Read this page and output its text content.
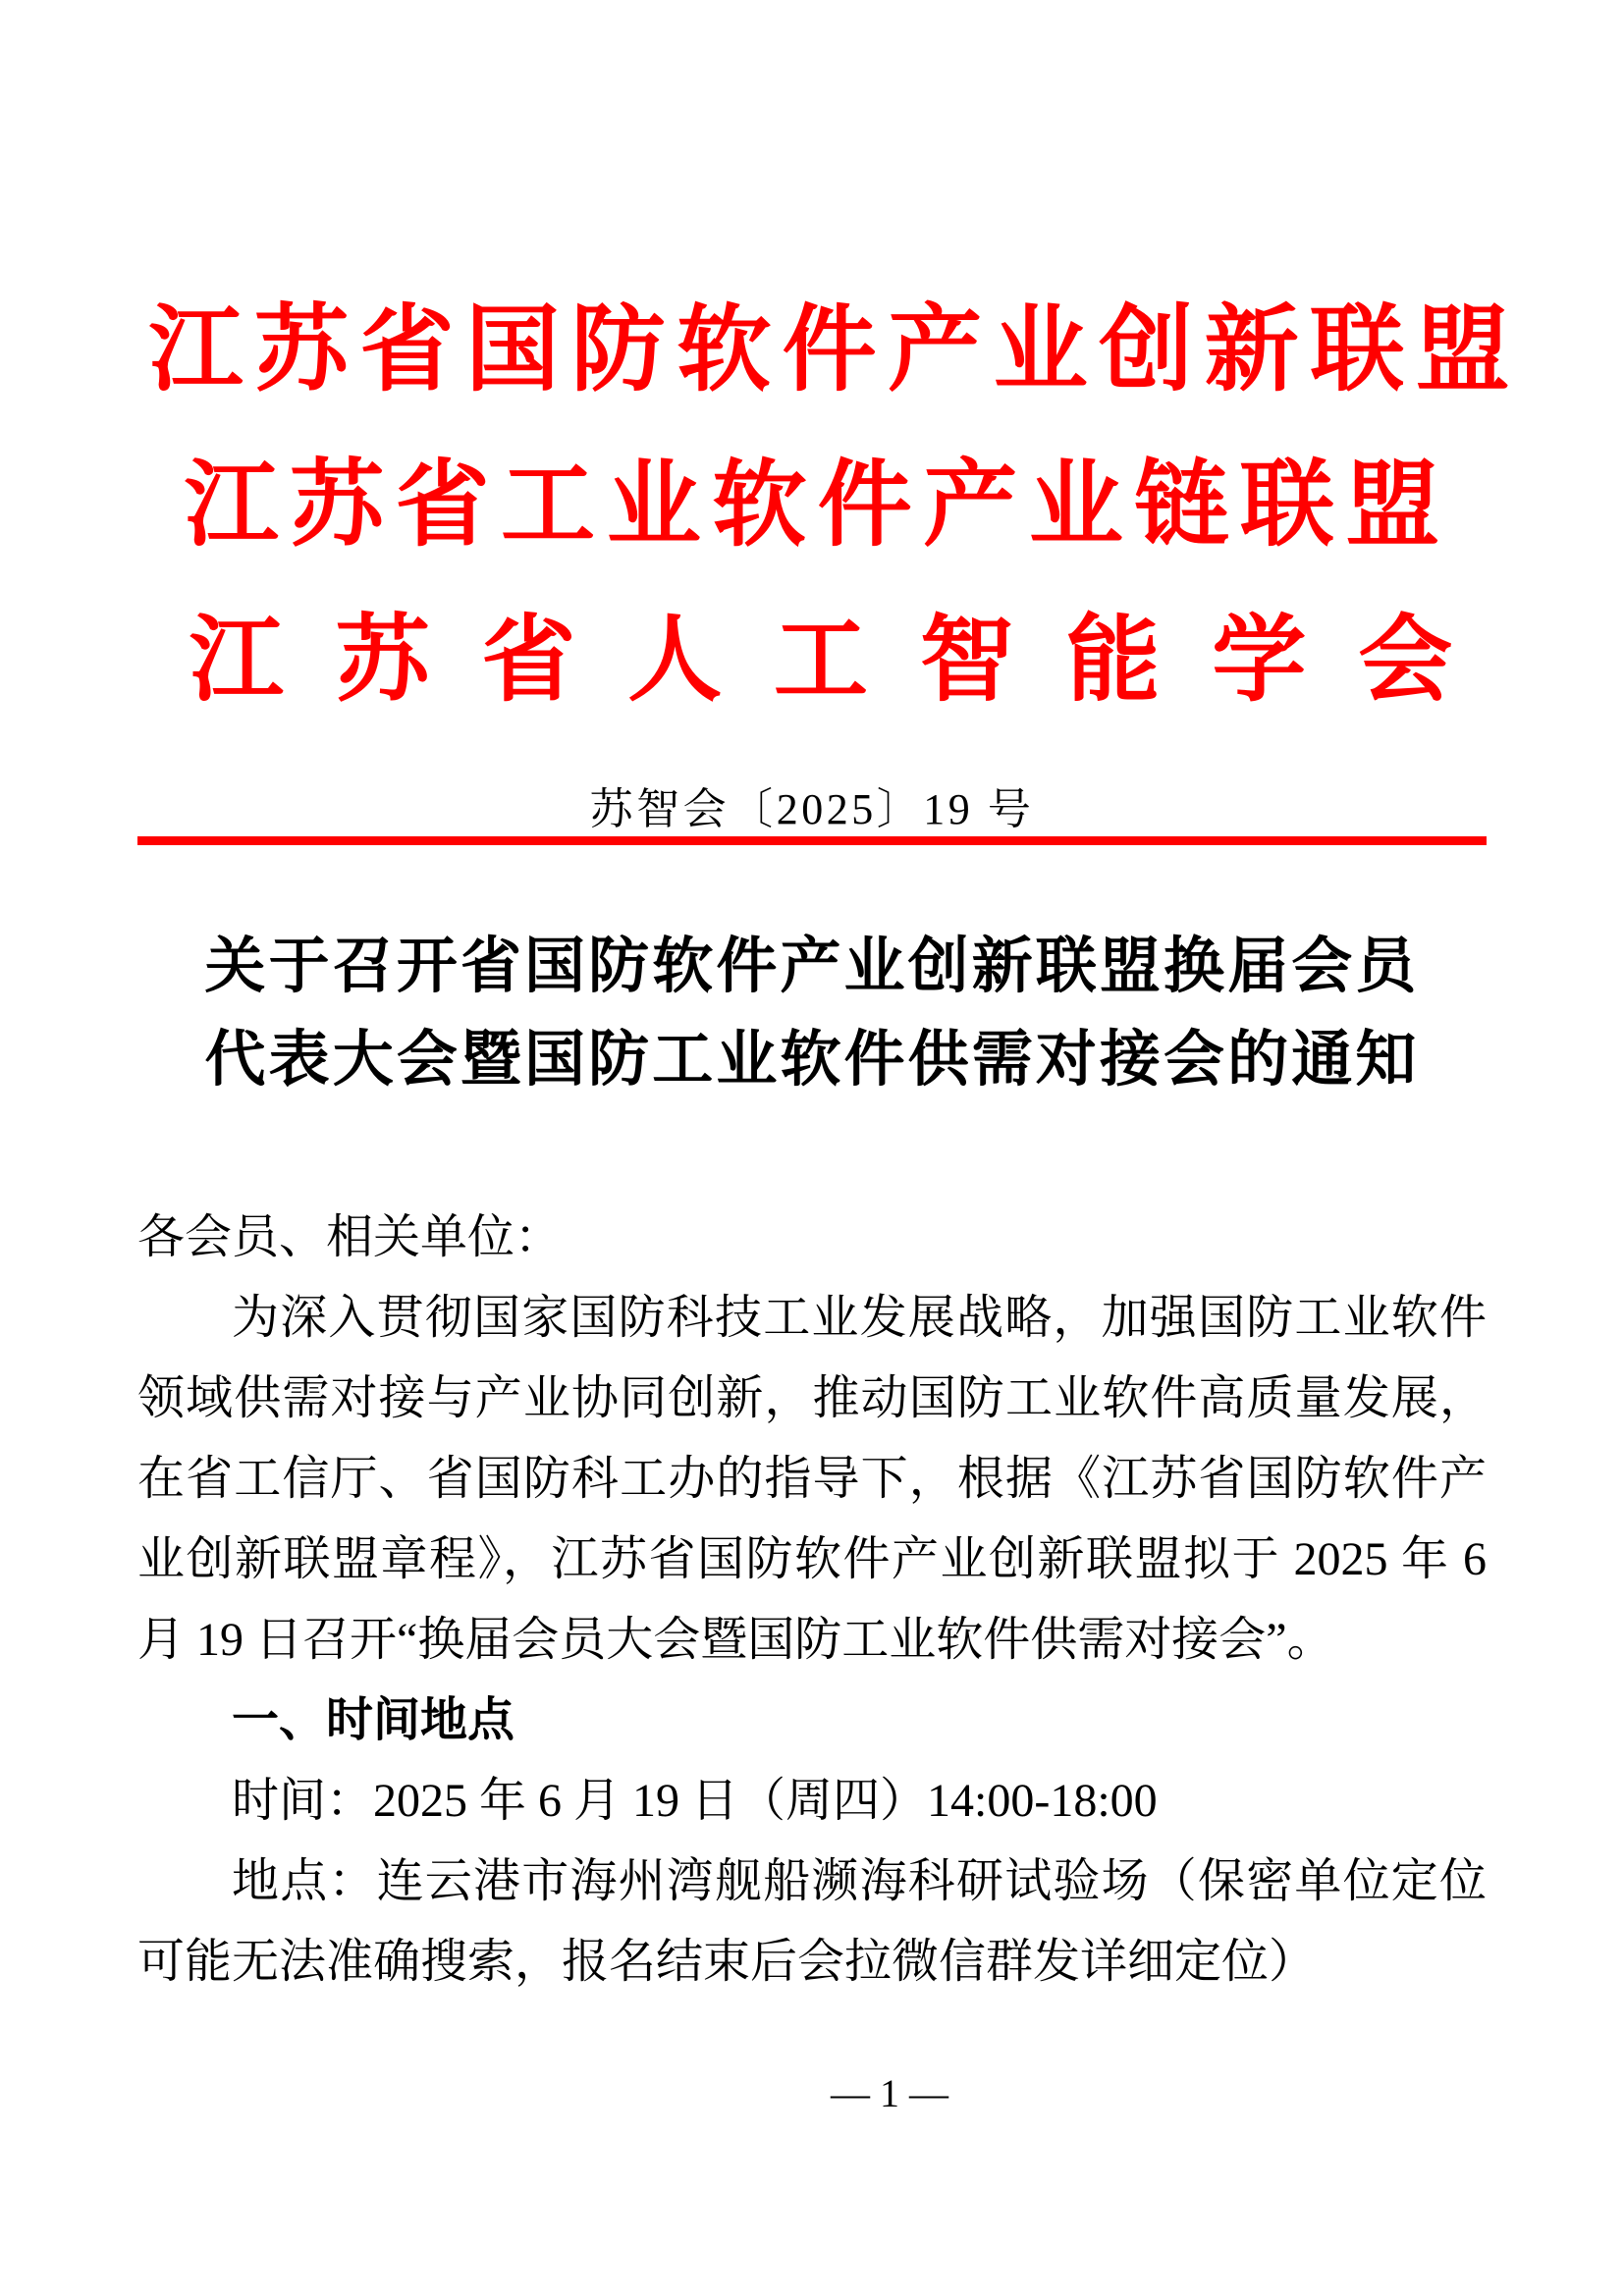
江苏省国防软件产业创新联盟
江苏省工业软件产业链联盟
江苏省人工智能学会
苏智会〔2025〕19 号
关于召开省国防软件产业创新联盟换届会员
代表大会暨国防工业软件供需对接会的通知

各会员、相关单位：

为深入贯彻国家国防科技工业发展战略，加强国防工业软件领域供需对接与产业协同创新，推动国防工业软件高质量发展，在省工信厅、省国防科工办的指导下，根据《江苏省国防软件产业创新联盟章程》，江苏省国防软件产业创新联盟拟于 2025 年 6 月 19 日召开“换届会员大会暨国防工业软件供需对接会”。

一、时间地点

时间：2025 年 6 月 19 日（周四）14:00-18:00

地点：连云港市海州湾舰船濒海科研试验场（保密单位定位可能无法准确搜索，报名结束后会拉微信群发详细定位）

— 1 —
